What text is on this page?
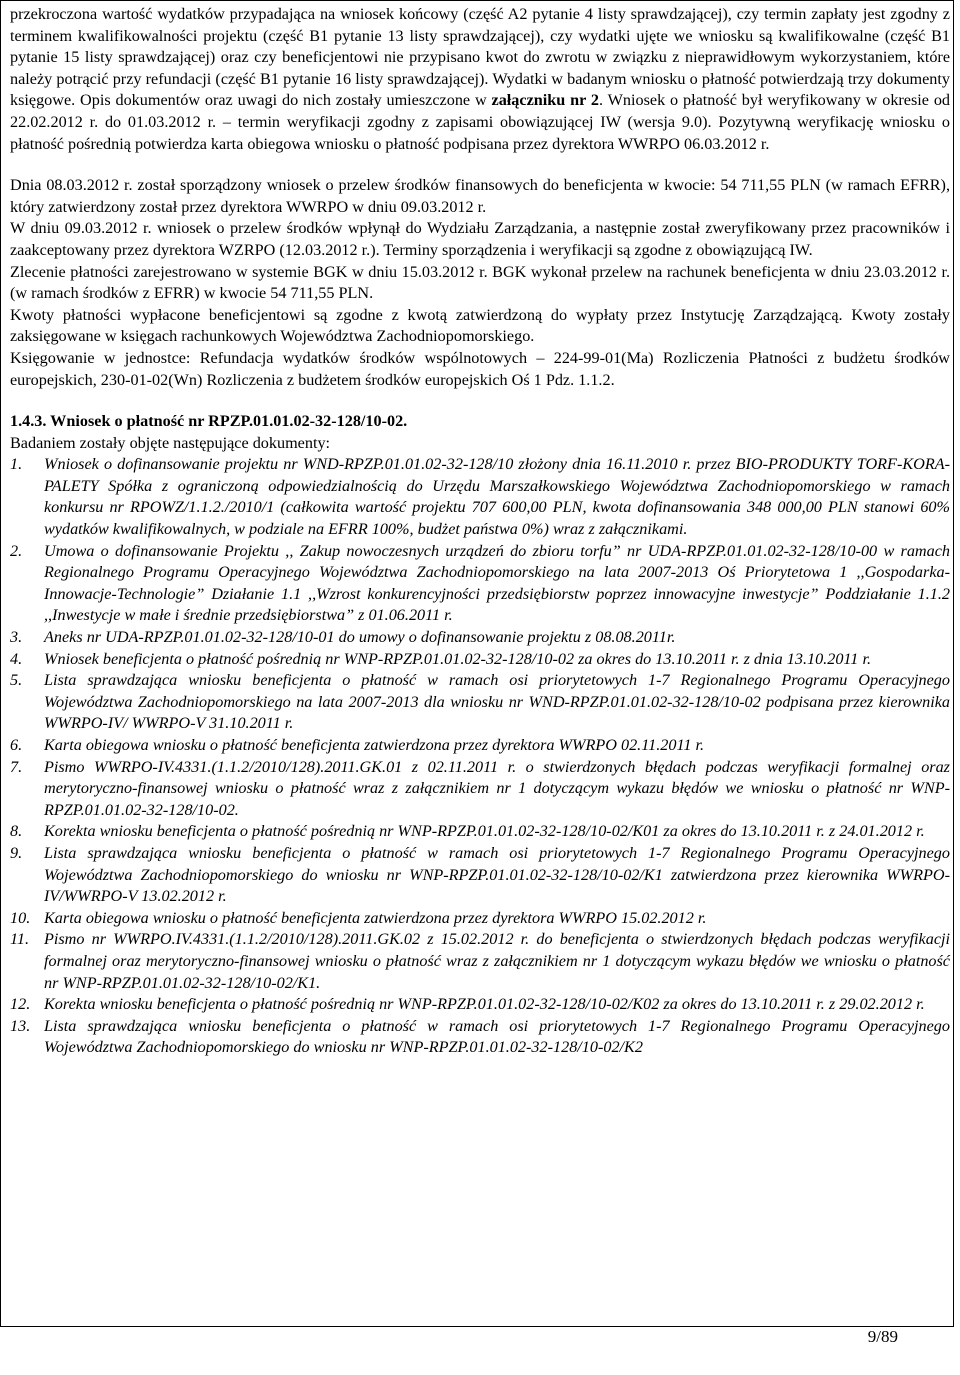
przekroczona wartość wydatków przypadająca na wniosek końcowy (część A2 pytanie 4 listy sprawdzającej), czy termin zapłaty jest zgodny z terminem kwalifikowalności projektu (część B1 pytanie 13 listy sprawdzającej), czy wydatki ujęte we wniosku są kwalifikowalne (część B1 pytanie 15 listy sprawdzającej) oraz czy beneficjentowi nie przypisano kwot do zwrotu w związku z nieprawidłowym wykorzystaniem, które należy potrącić przy refundacji (część B1 pytanie 16 listy sprawdzającej). Wydatki w badanym wniosku o płatność potwierdzają trzy dokumenty księgowe. Opis dokumentów oraz uwagi do nich zostały umieszczone w załączniku nr 2. Wniosek o płatność był weryfikowany w okresie od 22.02.2012 r. do 01.03.2012 r. – termin weryfikacji zgodny z zapisami obowiązującej IW (wersja 9.0). Pozytywną weryfikację wniosku o płatność pośrednią potwierdza karta obiegowa wniosku o płatność podpisana przez dyrektora WWRPO 06.03.2012 r.

Dnia 08.03.2012 r. został sporządzony wniosek o przelew środków finansowych do beneficjenta w kwocie: 54 711,55 PLN (w ramach EFRR), który zatwierdzony został przez dyrektora WWRPO w dniu 09.03.2012 r.

W dniu 09.03.2012 r. wniosek o przelew środków wpłynął do Wydziału Zarządzania, a następnie został zweryfikowany przez pracowników i zaakceptowany przez dyrektora WZRPO (12.03.2012 r.). Terminy sporządzenia i weryfikacji są zgodne z obowiązującą IW.

Zlecenie płatności zarejestrowano w systemie BGK w dniu 15.03.2012 r. BGK wykonał przelew na rachunek beneficjenta w dniu 23.03.2012 r. (w ramach środków z EFRR) w kwocie 54 711,55 PLN.

Kwoty płatności wypłacone beneficjentowi są zgodne z kwotą zatwierdzoną do wypłaty przez Instytucję Zarządzającą. Kwoty zostały zaksięgowane w księgach rachunkowych Województwa Zachodniopomorskiego.

Księgowanie w jednostce: Refundacja wydatków środków wspólnotowych – 224-99-01(Ma) Rozliczenia Płatności z budżetu środków europejskich, 230-01-02(Wn) Rozliczenia z budżetem środków europejskich Oś 1 Pdz. 1.1.2.

1.4.3. Wniosek o płatność nr RPZP.01.01.02-32-128/10-02.

Badaniem zostały objęte następujące dokumenty:

1. Wniosek o dofinansowanie projektu nr WND-RPZP.01.01.02-32-128/10 złożony dnia 16.11.2010 r. przez BIO-PRODUKTY TORF-KORA-PALETY Spółka z ograniczoną odpowiedzialnością do Urzędu Marszałkowskiego Województwa Zachodniopomorskiego w ramach konkursu nr RPOWZ/1.1.2./2010/1 (całkowita wartość projektu 707 600,00 PLN, kwota dofinansowania 348 000,00 PLN stanowi 60% wydatków kwalifikowalnych, w podziale na EFRR 100%, budżet państwa 0%) wraz z załącznikami.
2. Umowa o dofinansowanie Projektu ,, Zakup nowoczesnych urządzeń do zbioru torfu” nr UDA-RPZP.01.01.02-32-128/10-00 w ramach Regionalnego Programu Operacyjnego Województwa Zachodniopomorskiego na lata 2007-2013 Oś Priorytetowa 1 ,,Gospodarka-Innowacje-Technologie” Działanie 1.1 ,,Wzrost konkurencyjności przedsiębiorstw poprzez innowacyjne inwestycje” Poddziałanie 1.1.2 ,,Inwestycje w małe i średnie przedsiębiorstwa” z 01.06.2011 r.
3. Aneks nr UDA-RPZP.01.01.02-32-128/10-01 do umowy o dofinansowanie projektu z 08.08.2011r.
4. Wniosek beneficjenta o płatność pośrednią nr WNP-RPZP.01.01.02-32-128/10-02 za okres do 13.10.2011 r. z dnia 13.10.2011 r.
5. Lista sprawdzająca wniosku beneficjenta o płatność w ramach osi priorytetowych 1-7 Regionalnego Programu Operacyjnego Województwa Zachodniopomorskiego na lata 2007-2013 dla wniosku nr WND-RPZP.01.01.02-32-128/10-02 podpisana przez kierownika WWRPO-IV/ WWRPO-V 31.10.2011 r.
6. Karta obiegowa wniosku o płatność beneficjenta zatwierdzona przez dyrektora WWRPO 02.11.2011 r.
7. Pismo WWRPO-IV.4331.(1.1.2/2010/128).2011.GK.01 z 02.11.2011 r. o stwierdzonych błędach podczas weryfikacji formalnej oraz merytoryczno-finansowej wniosku o płatność wraz z załącznikiem nr 1 dotyczącym wykazu błędów we wniosku o płatność nr WNP-RPZP.01.01.02-32-128/10-02.
8. Korekta wniosku beneficjenta o płatność pośrednią nr WNP-RPZP.01.01.02-32-128/10-02/K01 za okres do 13.10.2011 r. z 24.01.2012 r.
9. Lista sprawdzająca wniosku beneficjenta o płatność w ramach osi priorytetowych 1-7 Regionalnego Programu Operacyjnego Województwa Zachodniopomorskiego do wniosku nr WNP-RPZP.01.01.02-32-128/10-02/K1 zatwierdzona przez kierownika WWRPO-IV/WWRPO-V 13.02.2012 r.
10. Karta obiegowa wniosku o płatność beneficjenta zatwierdzona przez dyrektora WWRPO 15.02.2012 r.
11. Pismo nr WWRPO.IV.4331.(1.1.2/2010/128).2011.GK.02 z 15.02.2012 r. do beneficjenta o stwierdzonych błędach podczas weryfikacji formalnej oraz merytoryczno-finansowej wniosku o płatność wraz z załącznikiem nr 1 dotyczącym wykazu błędów we wniosku o płatność nr WNP-RPZP.01.01.02-32-128/10-02/K1.
12. Korekta wniosku beneficjenta o płatność pośrednią nr WNP-RPZP.01.01.02-32-128/10-02/K02 za okres do 13.10.2011 r. z 29.02.2012 r.
13. Lista sprawdzająca wniosku beneficjenta o płatność w ramach osi priorytetowych 1-7 Regionalnego Programu Operacyjnego Województwa Zachodniopomorskiego do wniosku nr WNP-RPZP.01.01.02-32-128/10-02/K2
9/89
